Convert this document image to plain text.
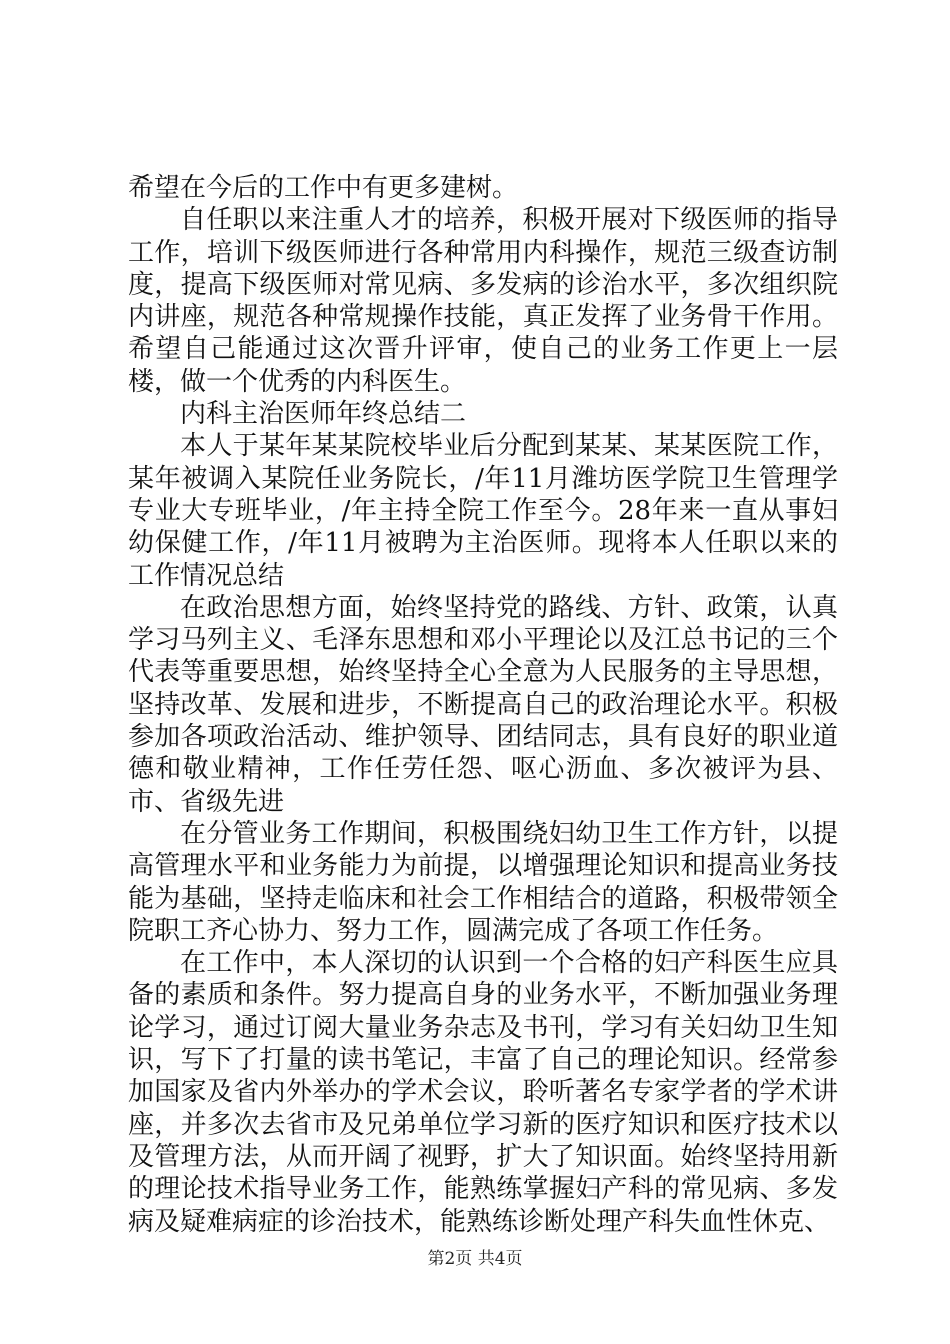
希望在今后的工作中有更多建树。

自任职以来注重人才的培养，积极开展对下级医师的指导工作，培训下级医师进行各种常用内科操作，规范三级查访制度，提高下级医师对常见病、多发病的诊治水平，多次组织院内讲座，规范各种常规操作技能，真正发挥了业务骨干作用。希望自己能通过这次晋升评审，使自己的业务工作更上一层楼，做一个优秀的内科医生。

内科主治医师年终总结二

本人于某年某某院校毕业后分配到某某、某某医院工作，某年被调入某院任业务院长，/年11月潍坊医学院卫生管理学专业大专班毕业，/年主持全院工作至今。28年来一直从事妇幼保健工作，/年11月被聘为主治医师。现将本人任职以来的工作情况总结

在政治思想方面，始终坚持党的路线、方针、政策，认真学习马列主义、毛泽东思想和邓小平理论以及江总书记的三个代表等重要思想，始终坚持全心全意为人民服务的主导思想，坚持改革、发展和进步，不断提高自己的政治理论水平。积极参加各项政治活动、维护领导、团结同志，具有良好的职业道德和敬业精神，工作任劳任怨、呕心沥血、多次被评为县、市、省级先进

在分管业务工作期间，积极围绕妇幼卫生工作方针，以提高管理水平和业务能力为前提，以增强理论知识和提高业务技能为基础，坚持走临床和社会工作相结合的道路，积极带领全院职工齐心协力、努力工作，圆满完成了各项工作任务。

在工作中，本人深切的认识到一个合格的妇产科医生应具备的素质和条件。努力提高自身的业务水平，不断加强业务理论学习，通过订阅大量业务杂志及书刊，学习有关妇幼卫生知识，写下了打量的读书笔记，丰富了自己的理论知识。经常参加国家及省内外举办的学术会议，聆听著名专家学者的学术讲座，并多次去省市及兄弟单位学习新的医疗知识和医疗技术以及管理方法，从而开阔了视野，扩大了知识面。始终坚持用新的理论技术指导业务工作，能熟练掌握妇产科的常见病、多发病及疑难病症的诊治技术，能熟练诊断处理产科失血性休克、

第2页 共4页
